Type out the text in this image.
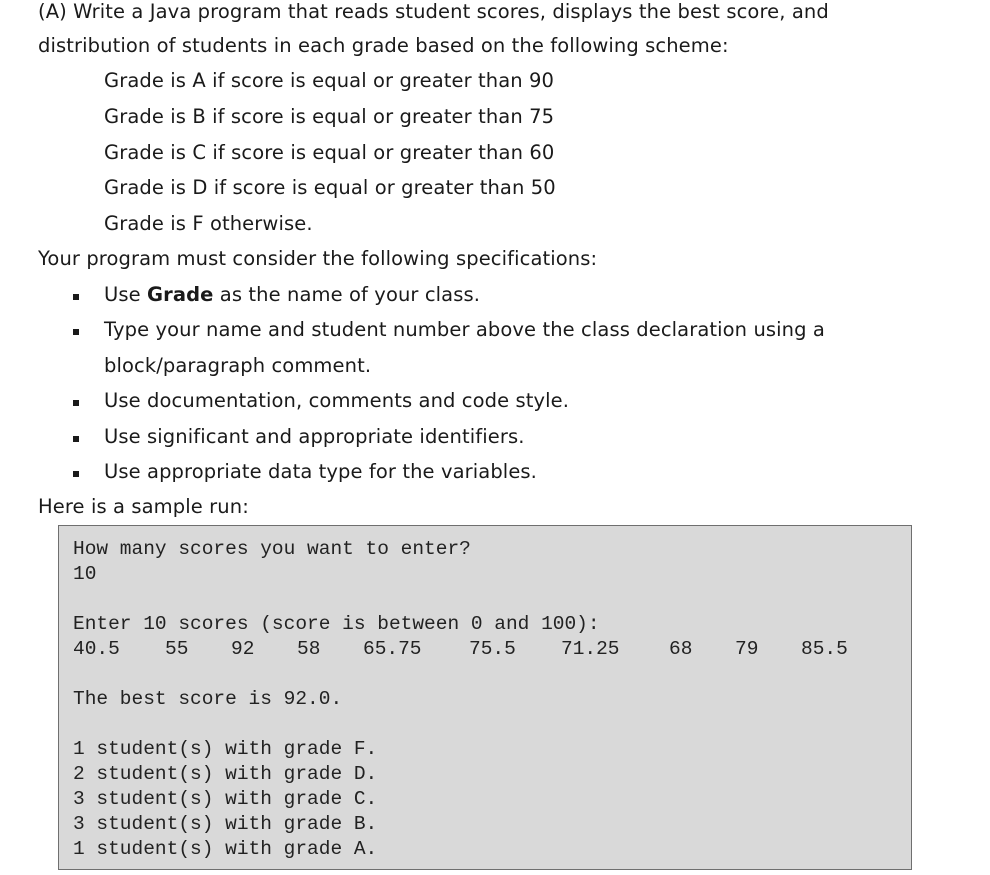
(A) Write a Java program that reads student scores, displays the best score, and
distribution of students in each grade based on the following scheme:
Grade is A if score is equal or greater than 90
Grade is B if score is equal or greater than 75
Grade is C if score is equal or greater than 60
Grade is D if score is equal or greater than 50
Grade is F otherwise.
Your program must consider the following specifications:
Use Grade as the name of your class.
Type your name and student number above the class declaration using a
block/paragraph comment.
Use documentation, comments and code style.
Use significant and appropriate identifiers.
Use appropriate data type for the variables.
Here is a sample run:
How many scores you want to enter?
10
Enter 10 scores (score is between 0 and 100):
40.5 55 92 58 65.75 75.5 71.25	68 79 85.5
The best score is 92.0.
1 student(s) with grade F.
2 student(s) with grade D.
3 student(s) with grade C.
3 student(s) with grade B.
1 student(s) with grade A.
